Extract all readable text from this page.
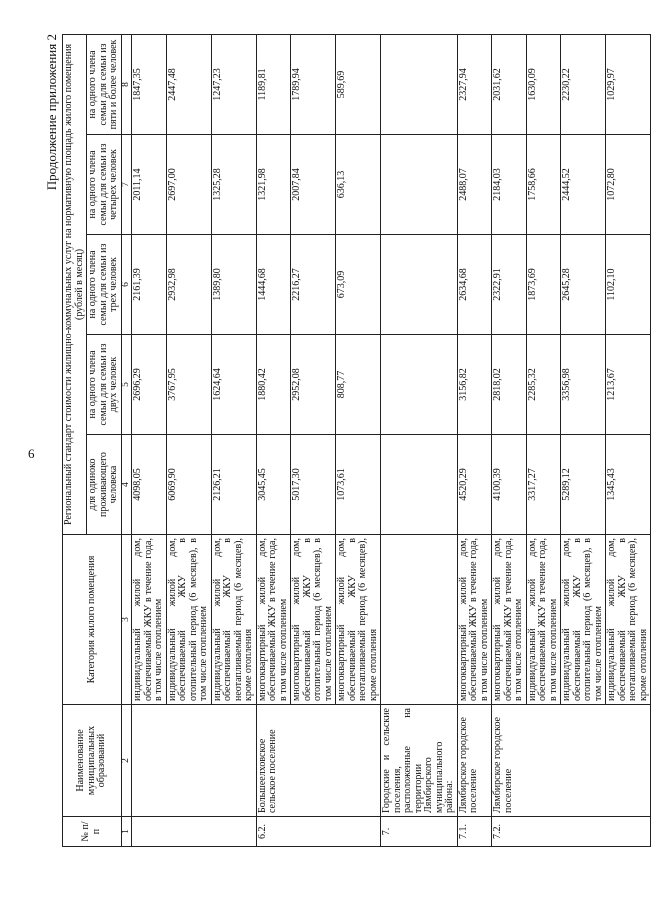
6
Продолжение приложения 2
№ п/п	Наименование муниципальных образований	Категория жилого помещения	Региональный стандарт стоимости жилищно-коммунальных услуг на нормативную площадь жилого помещения (рублей в месяц)				
			для одиноко проживающего человека	на одного члена семьи для семьи из двух человек	на одного члена семьи для семьи из трех человек	на одного члена семьи для семьи из четырех человек	на одного члена семьи для семьи из пяти и более человек
1	2	3	4	5	6	7	8
		индивидуальный жилой дом, обеспечиваемый ЖКУ в течение года, в том числе отоплением	4098,05	2696,29	2161,39	2011,14	1847,35
		индивидуальный жилой дом, обеспечиваемый ЖКУ в отопительный период (6 месяцев), в том числе отоплением	6069,90	3767,95	2932,98	2697,00	2447,48
		индивидуальный жилой дом, обеспечиваемый ЖКУ в неотапливаемый период (6 месяцев), кроме отопления	2126,21	1624,64	1389,80	1325,28	1247,23
6.2.	Большеелховское сельское поселение	многоквартирный жилой дом, обеспечиваемый ЖКУ в течение года, в том числе отоплением	3045,45	1880,42	1444,68	1321,98	1189,81
		многоквартирный жилой дом, обеспечиваемый ЖКУ в отопительный период (6 месяцев), в том числе отоплением	5017,30	2952,08	2216,27	2007,84	1789,94
		многоквартирный жилой дом, обеспечиваемый ЖКУ в неотапливаемый период (6 месяцев), кроме отопления	1073,61	808,77	673,09	636,13	589,69
7.	Городские и сельские поселения, расположенные на территории Лямбирского муниципального района:						
7.1.	Лямбирское городское поселение	многоквартирный жилой дом, обеспечиваемый ЖКУ в течение года, в том числе отоплением	4520,29	3156,82	2634,68	2488,07	2327,94
7.2.	Лямбирское городское поселение	многоквартирный жилой дом, обеспечиваемый ЖКУ в течение года, в том числе отоплением	4100,39	2818,02	2322,91	2184,03	2031,62
		индивидуальный жилой дом, обеспечиваемый ЖКУ в течение года, в том числе отоплением	3317,27	2285,32	1873,69	1758,66	1630,09
		индивидуальный жилой дом, обеспечиваемый ЖКУ в отопительный период (6 месяцев), в том числе отоплением	5289,12	3356,98	2645,28	2444,52	2230,22
		индивидуальный жилой дом, обеспечиваемый ЖКУ в неотапливаемый период (6 месяцев), кроме отопления	1345,43	1213,67	1102,10	1072,80	1029,97
